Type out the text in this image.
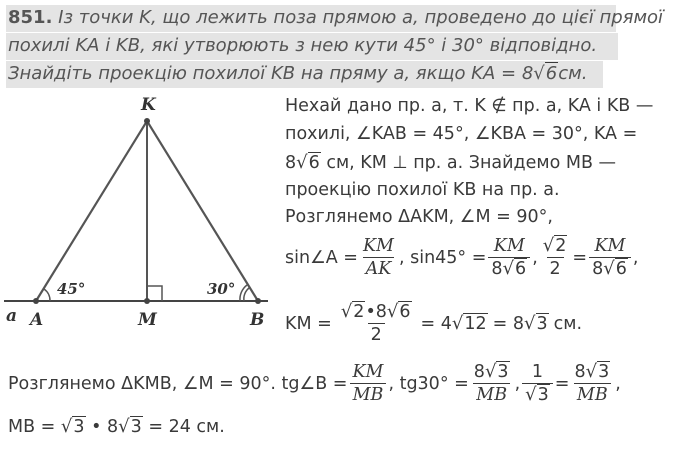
851. Із точки K, що лежить поза прямою a, проведено до цієї прямої
похилі KA і KB, які утворюють з нею кути 45° і 30° відповідно.
Знайдіть проекцію похилої KB на пряму a, якщо KA = 8√6см.
K
A	M	B
a
45°	30°
Нехай дано пр. a, т. K ∉ пр. a, KA і KB —
похилі, ∠KAB = 45°, ∠KBA = 30°, KA =
8√6 см, KM ⊥ пр. a. Знайдемо MB —
проекцію похилої KB на пр. a.
Розглянемо ΔAKM, ∠M = 90°,
sin∠A = $\frac{KM}{AK}$ , $\sin 45^\circ = \frac{KM}{8√6}$ , $\frac{√2}{2} = \frac{KM}{8√6}$ ,
KM = $\frac{√2•8√6}{2} = 4$ √ 12 = 8 √ 3 см.
Розглянемо ΔKMB, ∠M = 90°. tg∠B = $\frac{KM}{MB}$ , $tg30^\circ = \frac{8√3}{MB}$ , $\frac{1}{√3} = \frac{8√3}{MB}$ ,
MB = √3 • 8√3 = 24 см.
